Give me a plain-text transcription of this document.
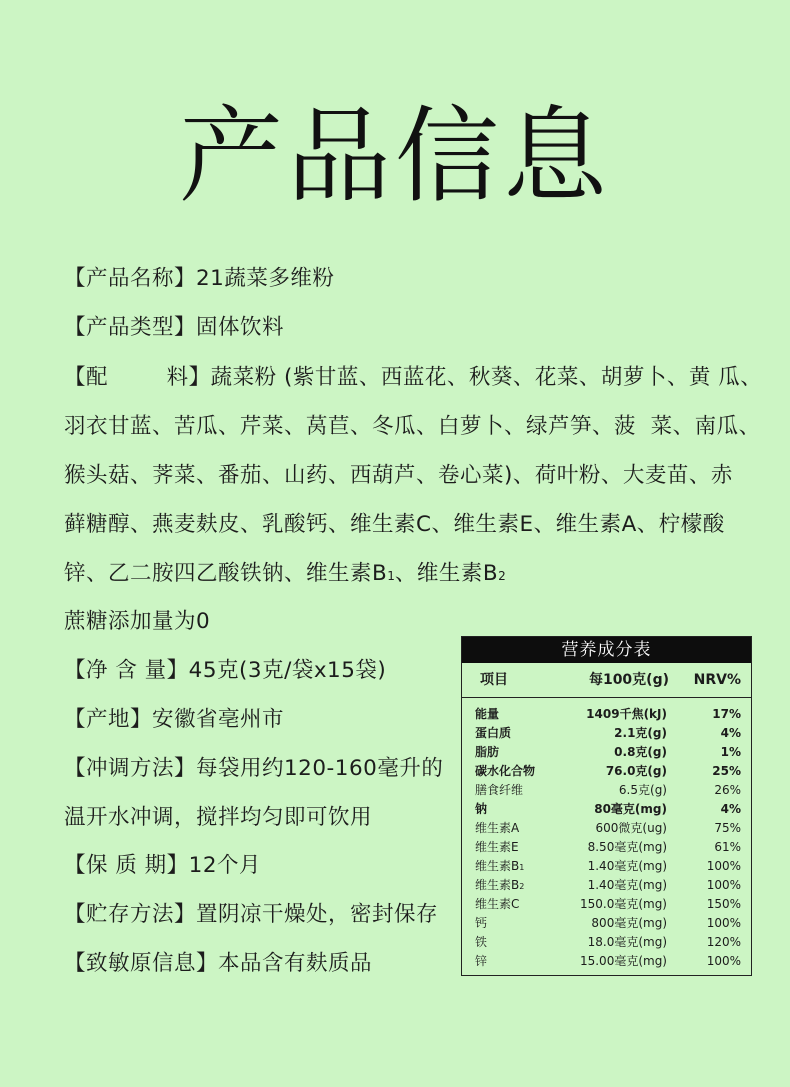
产品信息
【产品名称】21蔬菜多维粉
【产品类型】固体饮料
【配        料】蔬菜粉 (紫甘蓝、西蓝花、秋葵、花菜、胡萝卜、黄 瓜、
羽衣甘蓝、苦瓜、芹菜、莴苣、冬瓜、白萝卜、绿芦笋、菠  菜、南瓜、
猴头菇、荠菜、番茄、山药、西葫芦、卷心菜)、荷叶粉、大麦苗、赤
藓糖醇、燕麦麸皮、乳酸钙、维生素C、维生素E、维生素A、柠檬酸
锌、乙二胺四乙酸铁钠、维生素B1、维生素B2
蔗糖添加量为0
【净 含 量】45克(3克/袋x15袋)
【产地】安徽省亳州市
【冲调方法】每袋用约120-160毫升的
温开水冲调，搅拌均匀即可饮用
【保 质 期】12个月
【贮存方法】置阴凉干燥处，密封保存
【致敏原信息】本品含有麸质品
营养成分表
项目	每100克(g) NRV%
能量	1409千焦(kJ)	17%
蛋白质	2.1克(g)	4%
脂肪	0.8克(g)	1%
碳水化合物	76.0克(g)	25%
膳食纤维	6.5克(g)	26%
钠	80毫克(mg)	4%
维生素A	600微克(ug)	75%
维生素E	8.50毫克(mg)	61%
维生素B1	1.40毫克(mg)	100%
维生素B2	1.40毫克(mg)	100%
维生素C	150.0毫克(mg)	150%
钙	800毫克(mg)	100%
铁	18.0毫克(mg)	120%
锌	15.00毫克(mg)	100%
